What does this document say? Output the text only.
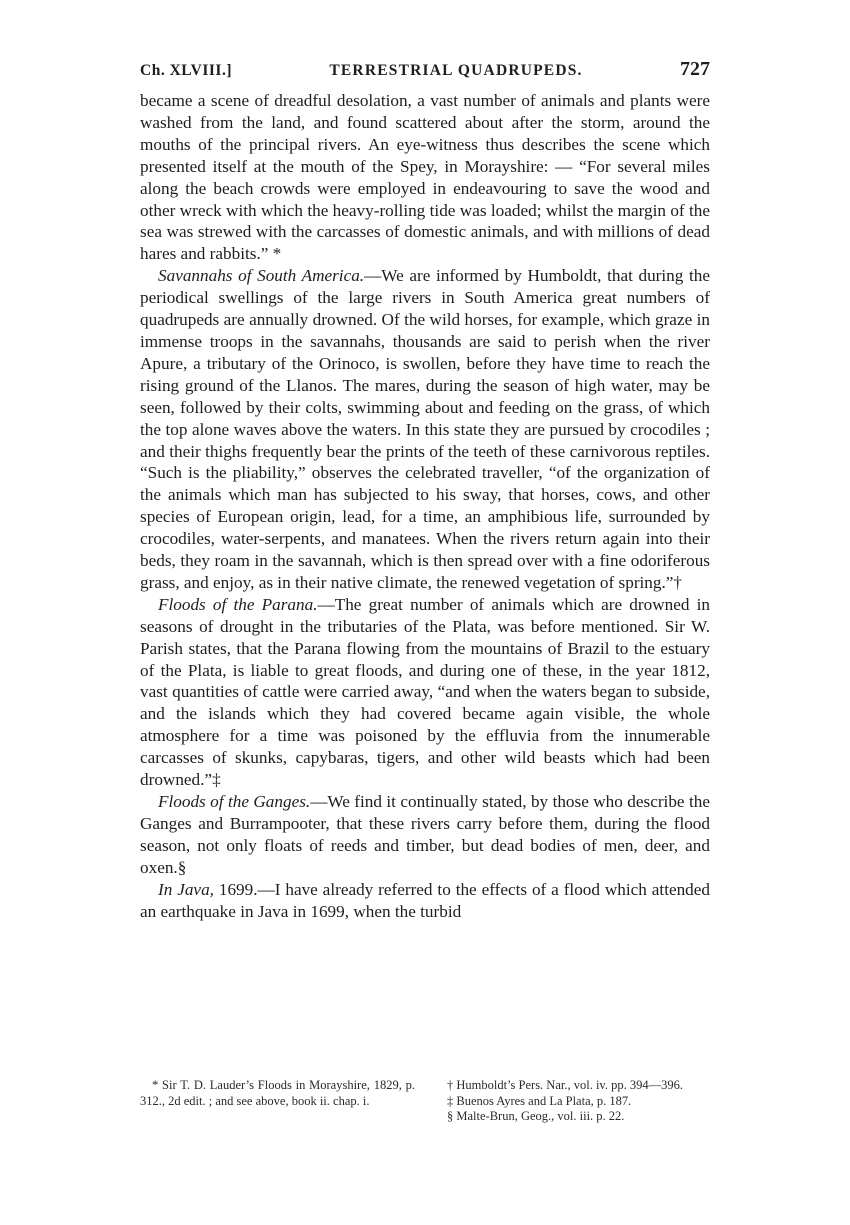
Ch. XLVIII.]	TERRESTRIAL QUADRUPEDS.	727

became a scene of dreadful desolation, a vast number of animals and plants were washed from the land, and found scattered about after the storm, around the mouths of the principal rivers. An eye-witness thus describes the scene which presented itself at the mouth of the Spey, in Morayshire: — “For several miles along the beach crowds were employed in endeavouring to save the wood and other wreck with which the heavy-rolling tide was loaded; whilst the margin of the sea was strewed with the carcasses of domestic animals, and with millions of dead hares and rabbits.” *

Savannahs of South America.—We are informed by Humboldt, that during the periodical swellings of the large rivers in South America great numbers of quadrupeds are annually drowned. Of the wild horses, for example, which graze in immense troops in the savannahs, thousands are said to perish when the river Apure, a tributary of the Orinoco, is swollen, before they have time to reach the rising ground of the Llanos. The mares, during the season of high water, may be seen, followed by their colts, swimming about and feeding on the grass, of which the top alone waves above the waters. In this state they are pursued by crocodiles ; and their thighs frequently bear the prints of the teeth of these carnivorous reptiles. “Such is the pliability,” observes the celebrated traveller, “of the organization of the animals which man has subjected to his sway, that horses, cows, and other species of European origin, lead, for a time, an amphibious life, surrounded by crocodiles, water-serpents, and manatees. When the rivers return again into their beds, they roam in the savannah, which is then spread over with a fine odoriferous grass, and enjoy, as in their native climate, the renewed vegetation of spring.”†

Floods of the Parana.—The great number of animals which are drowned in seasons of drought in the tributaries of the Plata, was before mentioned. Sir W. Parish states, that the Parana flowing from the mountains of Brazil to the estuary of the Plata, is liable to great floods, and during one of these, in the year 1812, vast quantities of cattle were carried away, “and when the waters began to subside, and the islands which they had covered became again visible, the whole atmosphere for a time was poisoned by the effluvia from the innumerable carcasses of skunks, capybaras, tigers, and other wild beasts which had been drowned.”‡

Floods of the Ganges.—We find it continually stated, by those who describe the Ganges and Burrampooter, that these rivers carry before them, during the flood season, not only floats of reeds and timber, but dead bodies of men, deer, and oxen.§

In Java, 1699.—I have already referred to the effects of a flood which attended an earthquake in Java in 1699, when the turbid

* Sir T. D. Lauder’s Floods in Morayshire, 1829, p. 312., 2d edit. ; and see above, book ii. chap. i.

† Humboldt’s Pers. Nar., vol. iv. pp. 394—396.

‡ Buenos Ayres and La Plata, p. 187.

§ Malte-Brun, Geog., vol. iii. p. 22.
